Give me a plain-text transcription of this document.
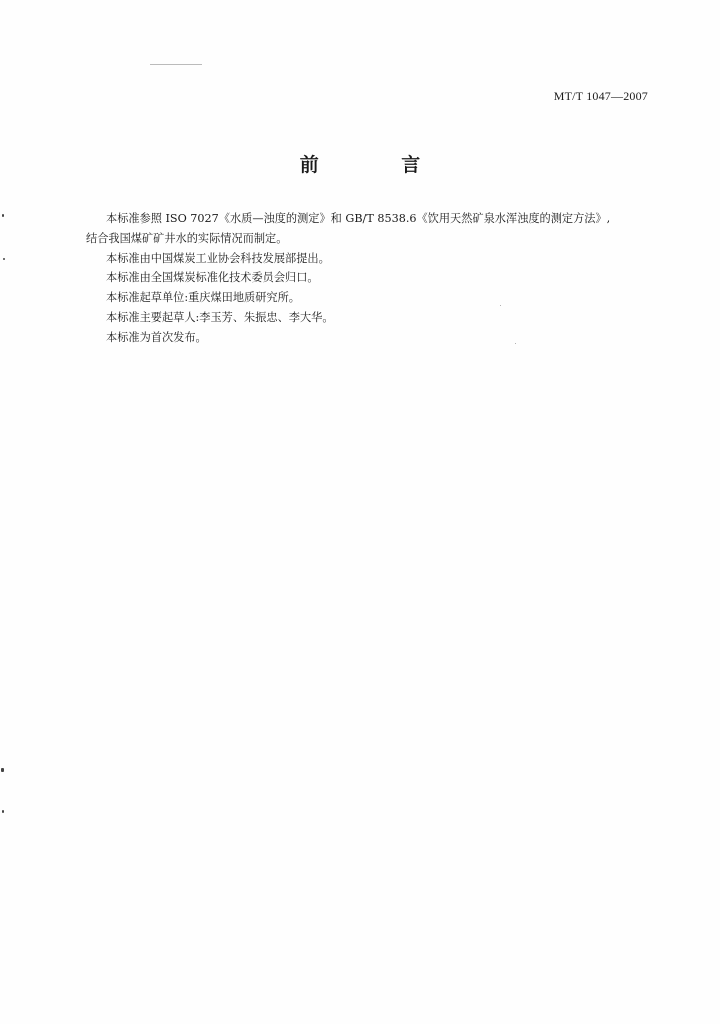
MT/T 1047—2007
前 言

本标准参照 ISO 7027《水质—浊度的测定》和 GB/T 8538.6《饮用天然矿泉水浑浊度的测定方法》,

结合我国煤矿矿井水的实际情况而制定。

本标准由中国煤炭工业协会科技发展部提出。

本标准由全国煤炭标准化技术委员会归口。

本标准起草单位:重庆煤田地质研究所。

本标准主要起草人:李玉芳、朱振忠、李大华。

本标准为首次发布。
